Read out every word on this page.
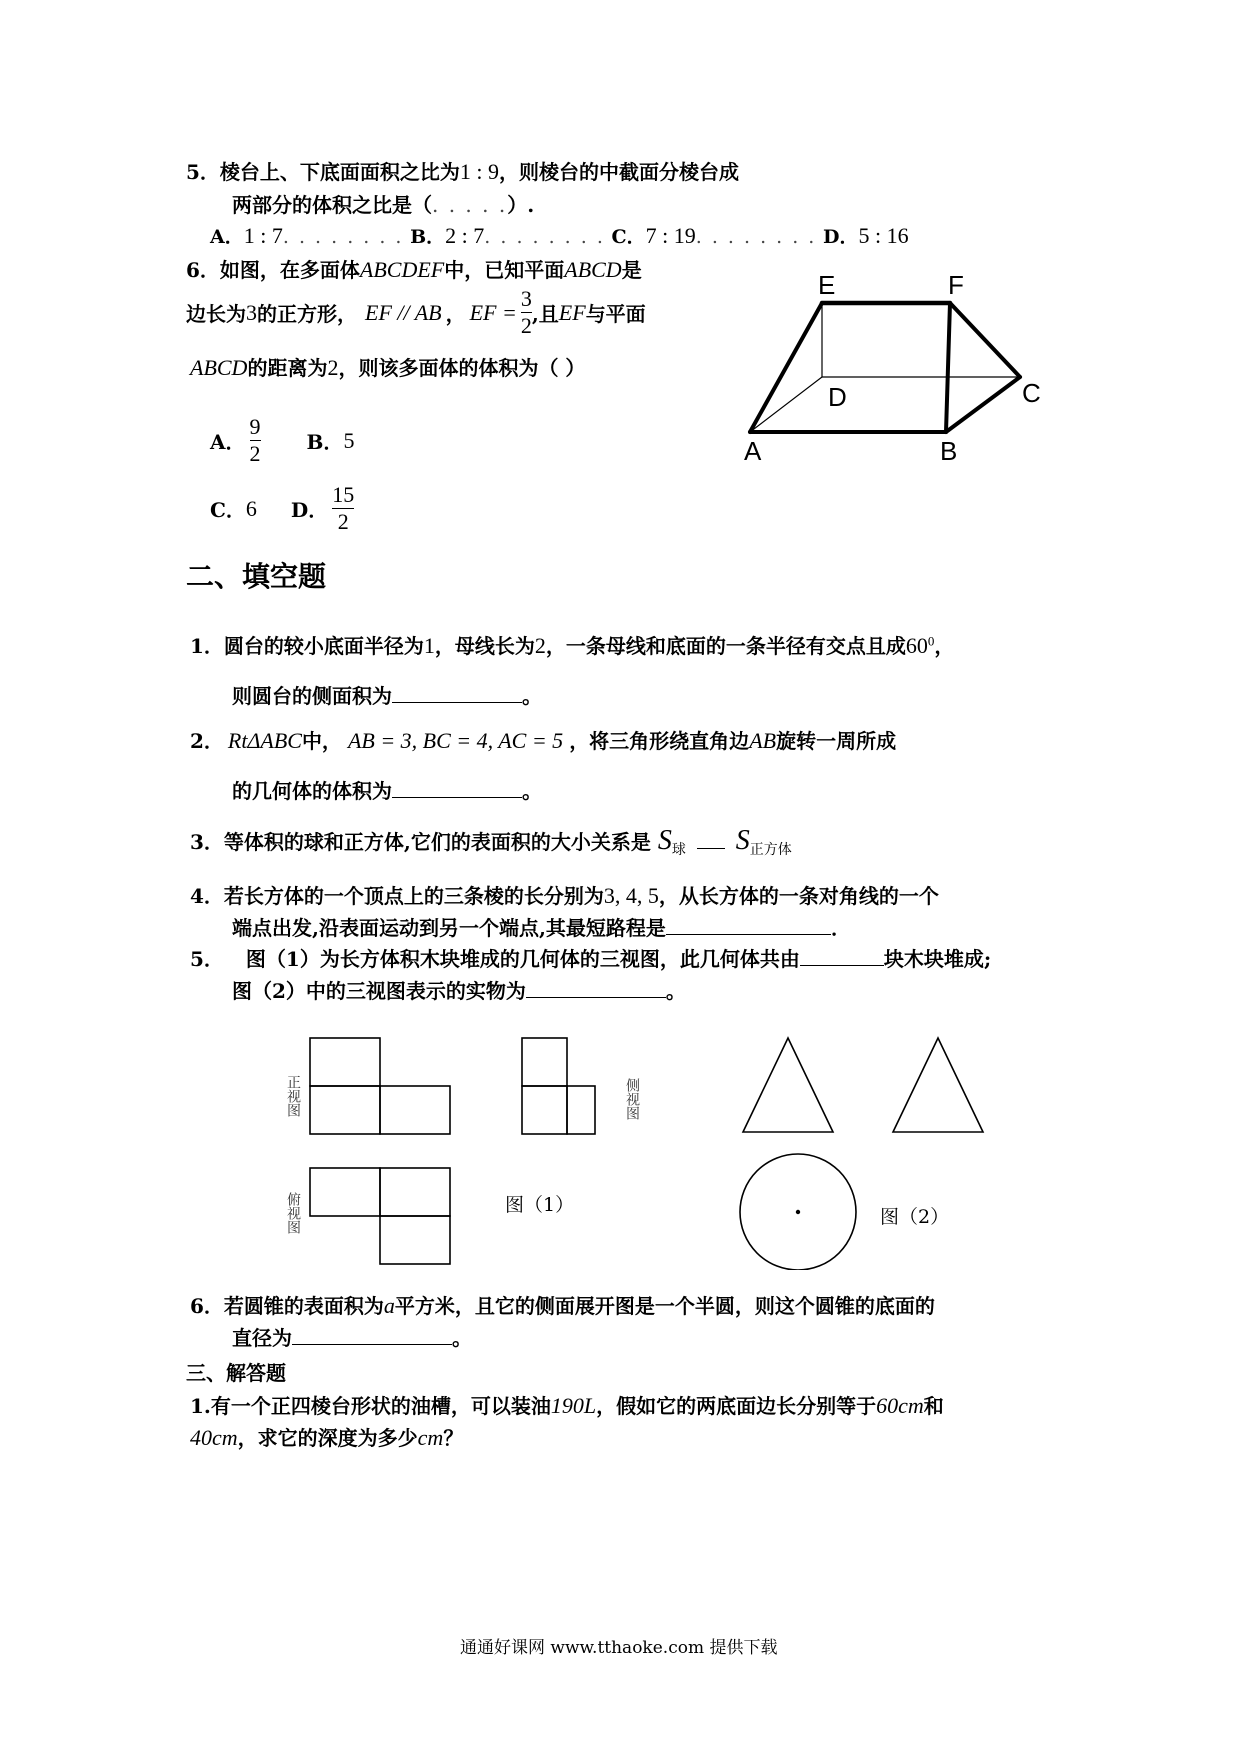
5．棱台上、下底面面积之比为1 : 9，则棱台的中截面分棱台成
两部分的体积之比是（. . . . .）.
A．1 : 7. . . . . . . . B．2 : 7. . . . . . . . C．7 : 19. . . . . . . . D．5 : 16
6．如图，在多面体ABCDEF中，已知平面ABCD是
边长为 3 的正方形， EF // AB ， EF = $\frac{3}{2}$ ,且 EF 与平面
ABCD的距离为2，则该多面体的体积为（ ）
A． $\frac{9}{2}$ B． 5
C． 6 D． $\frac{15}{2}$
E	F
D	C
A	B
二、填空题
1．圆台的较小底面半径为1，母线长为2，一条母线和底面的一条半径有交点且成$60^0$，
则圆台的侧面积为	。
2． RtΔABC中， AB = 3, BC = 4, AC = 5 ，将三角形绕直角边AB旋转一周所成
的几何体的体积为	。
3．等体积的球和正方体,它们的表面积的大小关系是 $S_球$ $S_{正方体}$
4．若长方体的一个顶点上的三条棱的长分别为3, 4, 5，从长方体的一条对角线的一个
端点出发,沿表面运动到另一个端点,其最短路程是	．
5． 图（1）为长方体积木块堆成的几何体的三视图，此几何体共由	块木块堆成;
图（2）中的三视图表示的实物为	。
正视图	侧视图
俯视图	图（1）
图（2）
6．若圆锥的表面积为a平方米，且它的侧面展开图是一个半圆，则这个圆锥的底面的
直径为	。
三、解答题
1.有一个正四棱台形状的油槽，可以装油190L，假如它的两底面边长分别等于60cm和
40cm，求它的深度为多少cm？
通通好课网 www.tthaoke.com 提供下载
